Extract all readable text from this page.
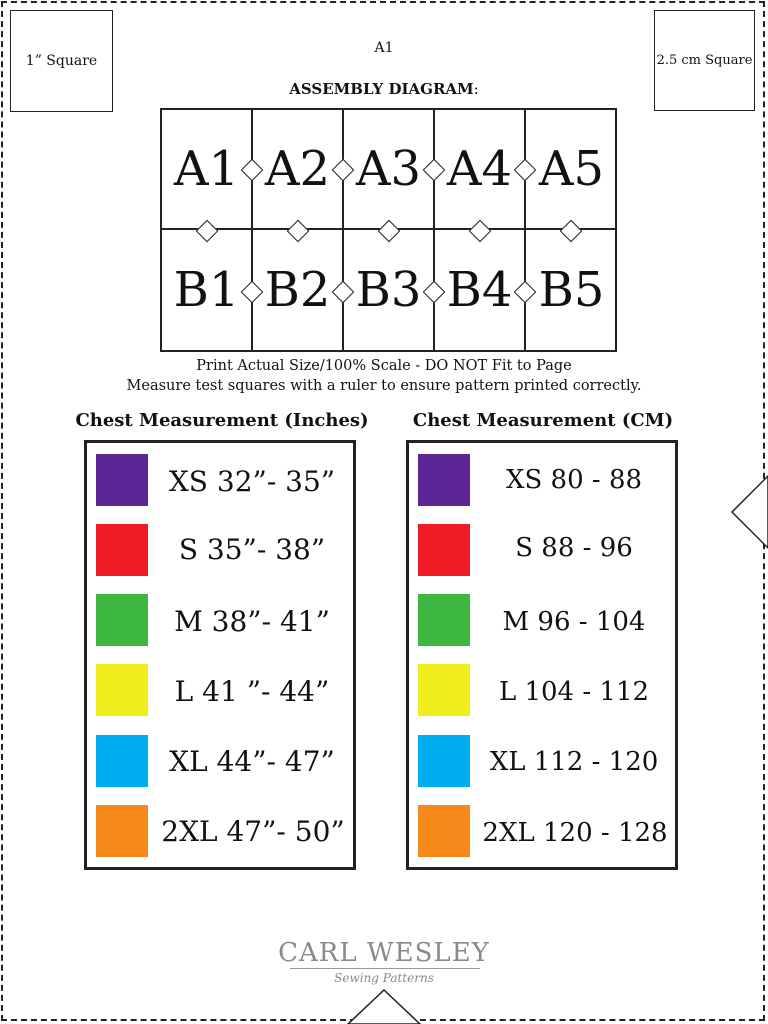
1” Square	2.5 cm Square
A1
ASSEMBLY DIAGRAM:
A1 A2 A3 A4 A5
B1 B2 B3 B4 B5
Print Actual Size/100% Scale - DO NOT Fit to Page
Measure test squares with a ruler to ensure pattern printed correctly.
Chest Measurement (Inches)
XS 32”- 35”
S 35”- 38”
M 38”- 41”
L 41 ”- 44”
XL 44”- 47”
2XL 47”- 50”
Chest Measurement (CM)
XS 80 - 88
S 88 - 96
M 96 - 104
L 104 - 112
XL 112 - 120
2XL 120 - 128
CARL WESLEY
Sewing Patterns
